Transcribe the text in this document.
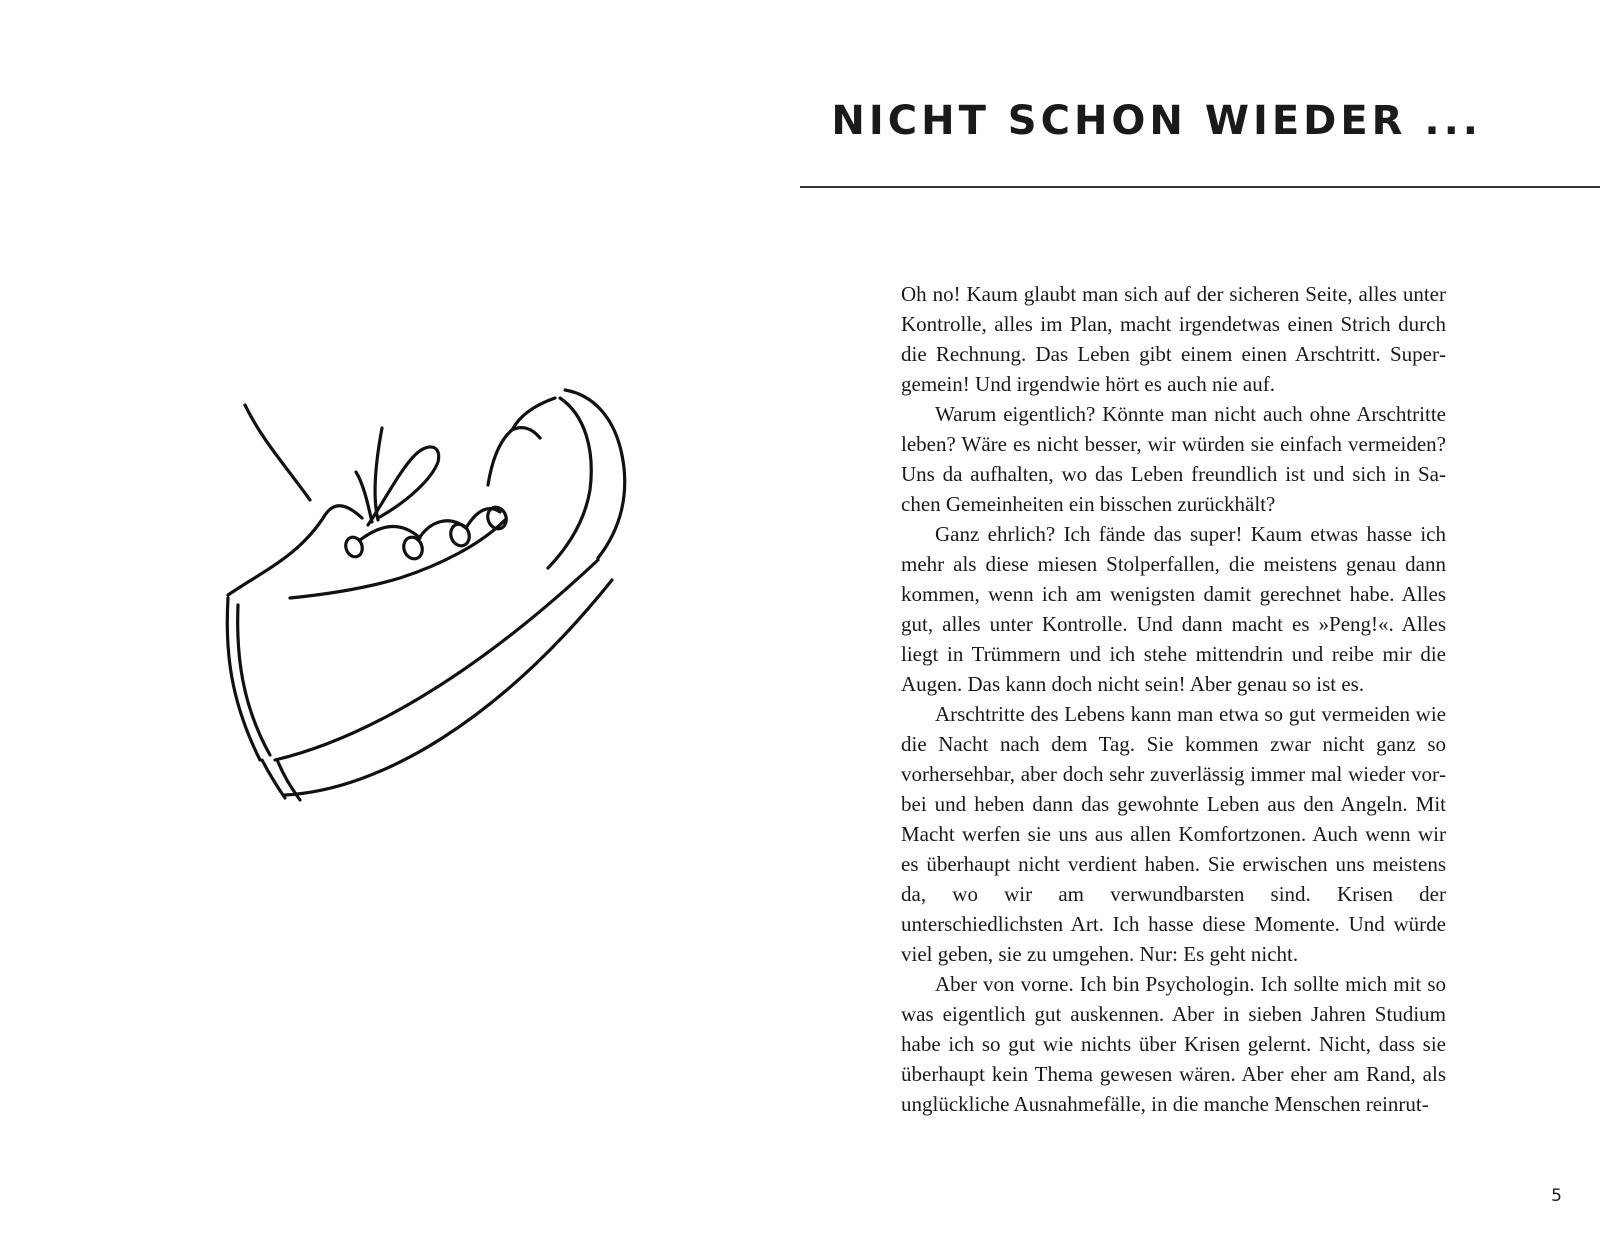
NICHT SCHON WIEDER ...

Oh no! Kaum glaubt man sich auf der sicheren Seite, alles unter Kontrolle, alles im Plan, macht irgendetwas einen Strich durch die Rechnung. Das Leben gibt einem einen Arschtritt. Supergemein! Und irgendwie hört es auch nie auf.

Warum eigentlich? Könnte man nicht auch ohne Arschtritte leben? Wäre es nicht besser, wir würden sie einfach vermeiden? Uns da aufhalten, wo das Leben freundlich ist und sich in Sachen Gemeinheiten ein bisschen zurückhält?

Ganz ehrlich? Ich fände das super! Kaum etwas hasse ich mehr als diese miesen Stolperfallen, die meistens genau dann kommen, wenn ich am wenigsten damit gerechnet habe. Alles gut, alles unter Kontrolle. Und dann macht es »Peng!«. Alles liegt in Trümmern und ich stehe mittendrin und reibe mir die Augen. Das kann doch nicht sein! Aber genau so ist es.

Arschtritte des Lebens kann man etwa so gut vermeiden wie die Nacht nach dem Tag. Sie kommen zwar nicht ganz so vorhersehbar, aber doch sehr zuverlässig immer mal wieder vorbei und heben dann das gewohnte Leben aus den Angeln. Mit Macht werfen sie uns aus allen Komfortzonen. Auch wenn wir es überhaupt nicht verdient haben. Sie erwischen uns meistens da, wo wir am verwundbarsten sind. Krisen der unterschiedlichsten Art. Ich hasse diese Momente. Und würde viel geben, sie zu umgehen. Nur: Es geht nicht.

Aber von vorne. Ich bin Psychologin. Ich sollte mich mit so was eigentlich gut auskennen. Aber in sieben Jahren Studium habe ich so gut wie nichts über Krisen gelernt. Nicht, dass sie überhaupt kein Thema gewesen wären. Aber eher am Rand, als unglückliche Ausnahmefälle, in die manche Menschen reinrut-

5
